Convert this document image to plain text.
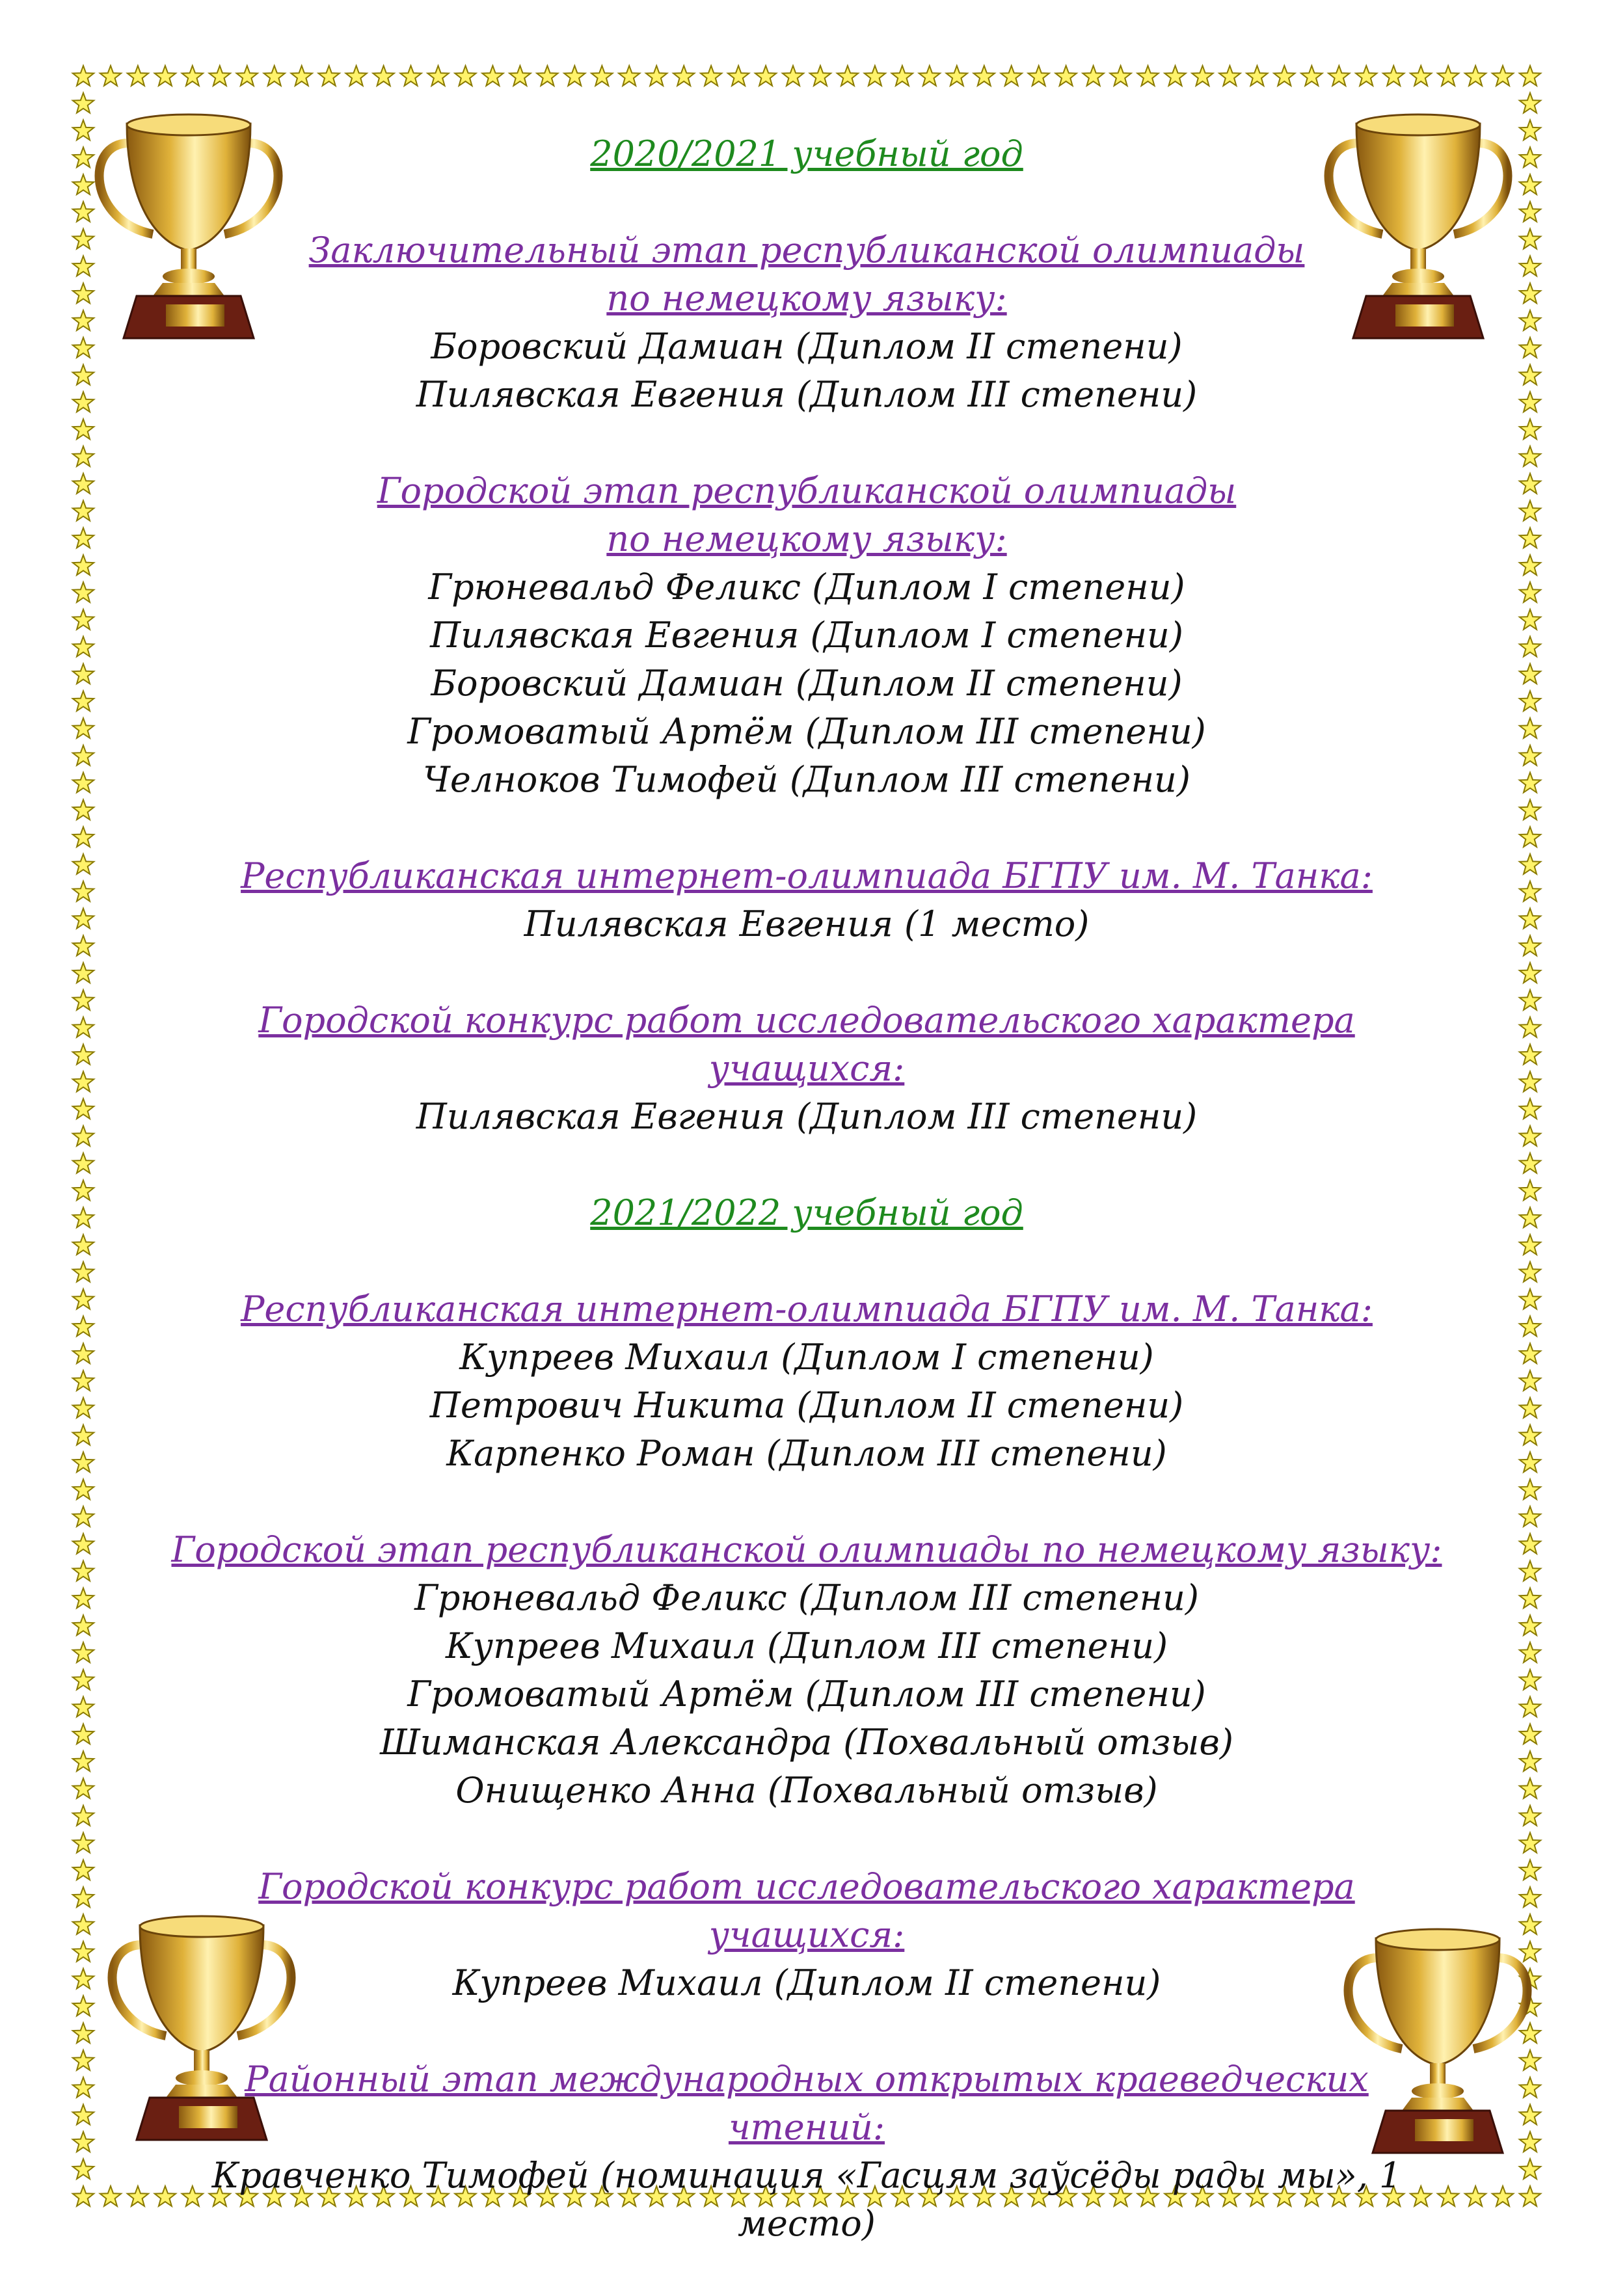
2020/2021 учебный год
Заключительный этап республиканской олимпиады
по немецкому языку:
Боровский Дамиан (Диплом II степени)
Пилявская Евгения (Диплом III степени)
Городской этап республиканской олимпиады
по немецкому языку:
Грюневальд Феликс (Диплом I степени)
Пилявская Евгения (Диплом I степени)
Боровский Дамиан (Диплом II степени)
Громоватый Артём (Диплом III степени)
Челноков Тимофей (Диплом III степени)
Республиканская интернет-олимпиада БГПУ им. М. Танка:
Пилявская Евгения (1 место)
Городской конкурс работ исследовательского характера учащихся:
Пилявская Евгения (Диплом III степени)
2021/2022 учебный год
Республиканская интернет-олимпиада БГПУ им. М. Танка:
Купреев Михаил (Диплом I степени)
Петрович Никита (Диплом II степени)
Карпенко Роман (Диплом III степени)
Городской этап республиканской олимпиады по немецкому языку:
Грюневальд Феликс (Диплом III степени)
Купреев Михаил (Диплом III степени)
Громоватый Артём (Диплом III степени)
Шиманская Александра (Похвальный отзыв)
Онищенко Анна (Похвальный отзыв)
Городской конкурс работ исследовательского характера учащихся:
Купреев Михаил (Диплом II степени)
Районный этап международных открытых краеведческих чтений:
Кравченко Тимофей (номинация «Гасцям заўсёды рады мы», 1 место)
